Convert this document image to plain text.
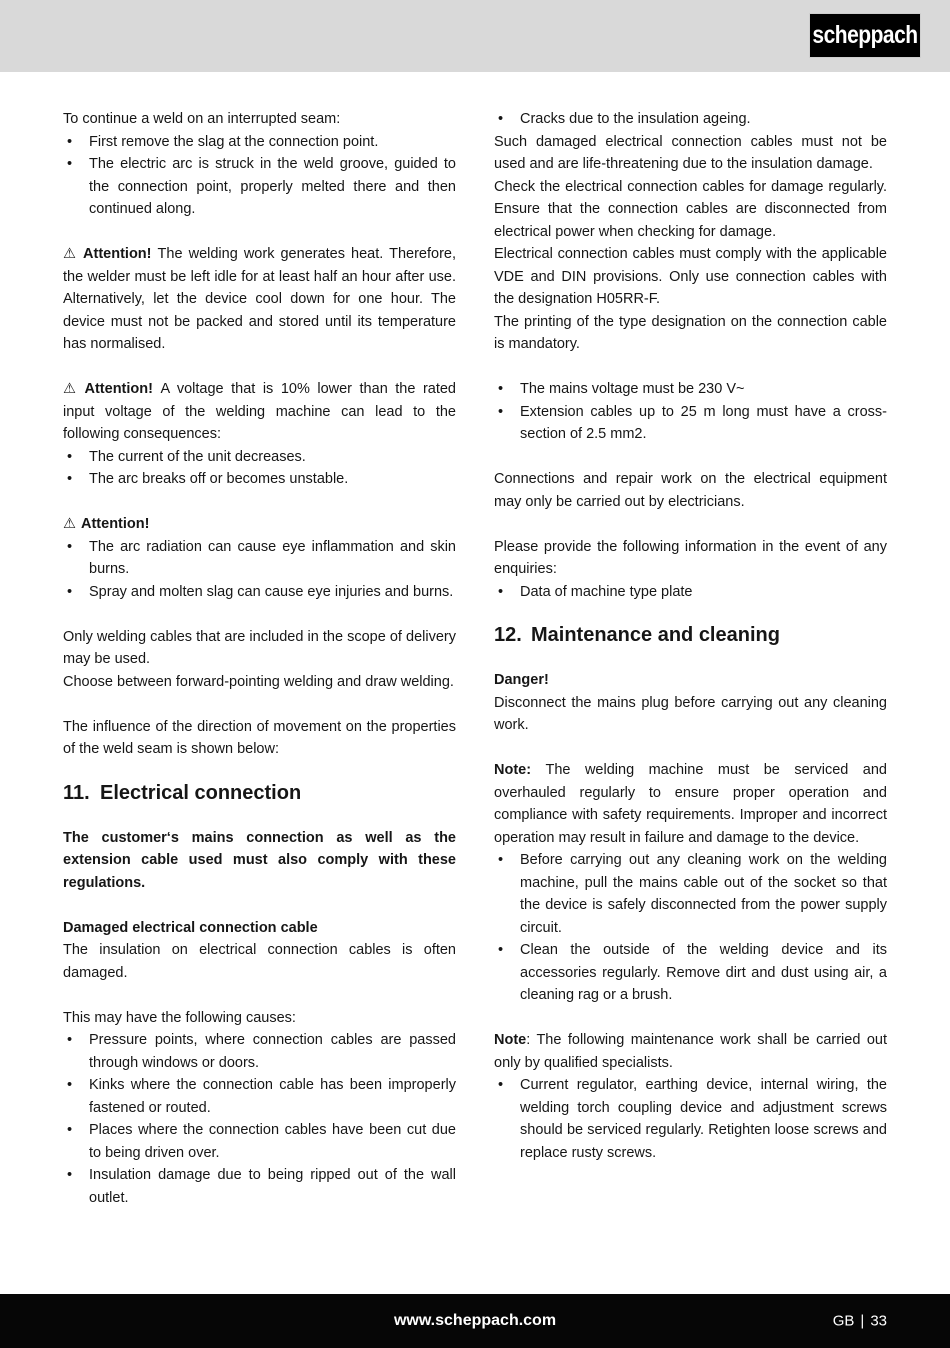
scheppach
To continue a weld on an interrupted seam:
•	First remove the slag at the connection point.
•	The electric arc is struck in the weld groove, guided to the connection point, properly melted there and then continued along.
⚠ Attention! The welding work generates heat. Therefore, the welder must be left idle for at least half an hour after use. Alternatively, let the device cool down for one hour. The device must not be packed and stored until its temperature has normalised.
⚠ Attention! A voltage that is 10% lower than the rated input voltage of the welding machine can lead to the following consequences:
•	The current of the unit decreases.
•	The arc breaks off or becomes unstable.
⚠ Attention!
•	The arc radiation can cause eye inflammation and skin burns.
•	Spray and molten slag can cause eye injuries and burns.
Only welding cables that are included in the scope of delivery may be used.
Choose between forward-pointing welding and draw welding.
The influence of the direction of movement on the properties of the weld seam is shown below:
11. Electrical connection
The customer‘s mains connection as well as the extension cable used must also comply with these regulations.
Damaged electrical connection cable
The insulation on electrical connection cables is often damaged.
This may have the following causes:
•	Pressure points, where connection cables are passed through windows or doors.
•	Kinks where the connection cable has been improperly fastened or routed.
•	Places where the connection cables have been cut due to being driven over.
•	Insulation damage due to being ripped out of the wall outlet.
•	Cracks due to the insulation ageing.
Such damaged electrical connection cables must not be used and are life-threatening due to the insulation damage.
Check the electrical connection cables for damage regularly. Ensure that the connection cables are disconnected from electrical power when checking for damage.
Electrical connection cables must comply with the applicable VDE and DIN provisions. Only use connection cables with the designation H05RR-F.
The printing of the type designation on the connection cable is mandatory.
•	The mains voltage must be 230 V~
•	Extension cables up to 25 m long must have a cross-section of 2.5 mm2.
Connections and repair work on the electrical equipment may only be carried out by electricians.
Please provide the following information in the event of any enquiries:
•	Data of machine type plate
12. Maintenance and cleaning
Danger!
Disconnect the mains plug before carrying out any cleaning work.
Note: The welding machine must be serviced and overhauled regularly to ensure proper operation and compliance with safety requirements. Improper and incorrect operation may result in failure and damage to the device.
•	Before carrying out any cleaning work on the welding machine, pull the mains cable out of the socket so that the device is safely disconnected from the power supply circuit.
•	Clean the outside of the welding device and its accessories regularly. Remove dirt and dust using air, a cleaning rag or a brush.
Note: The following maintenance work shall be carried out only by qualified specialists.
•	Current regulator, earthing device, internal wiring, the welding torch coupling device and adjustment screws should be serviced regularly. Retighten loose screws and replace rusty screws.
www.scheppach.com	GB | 33
